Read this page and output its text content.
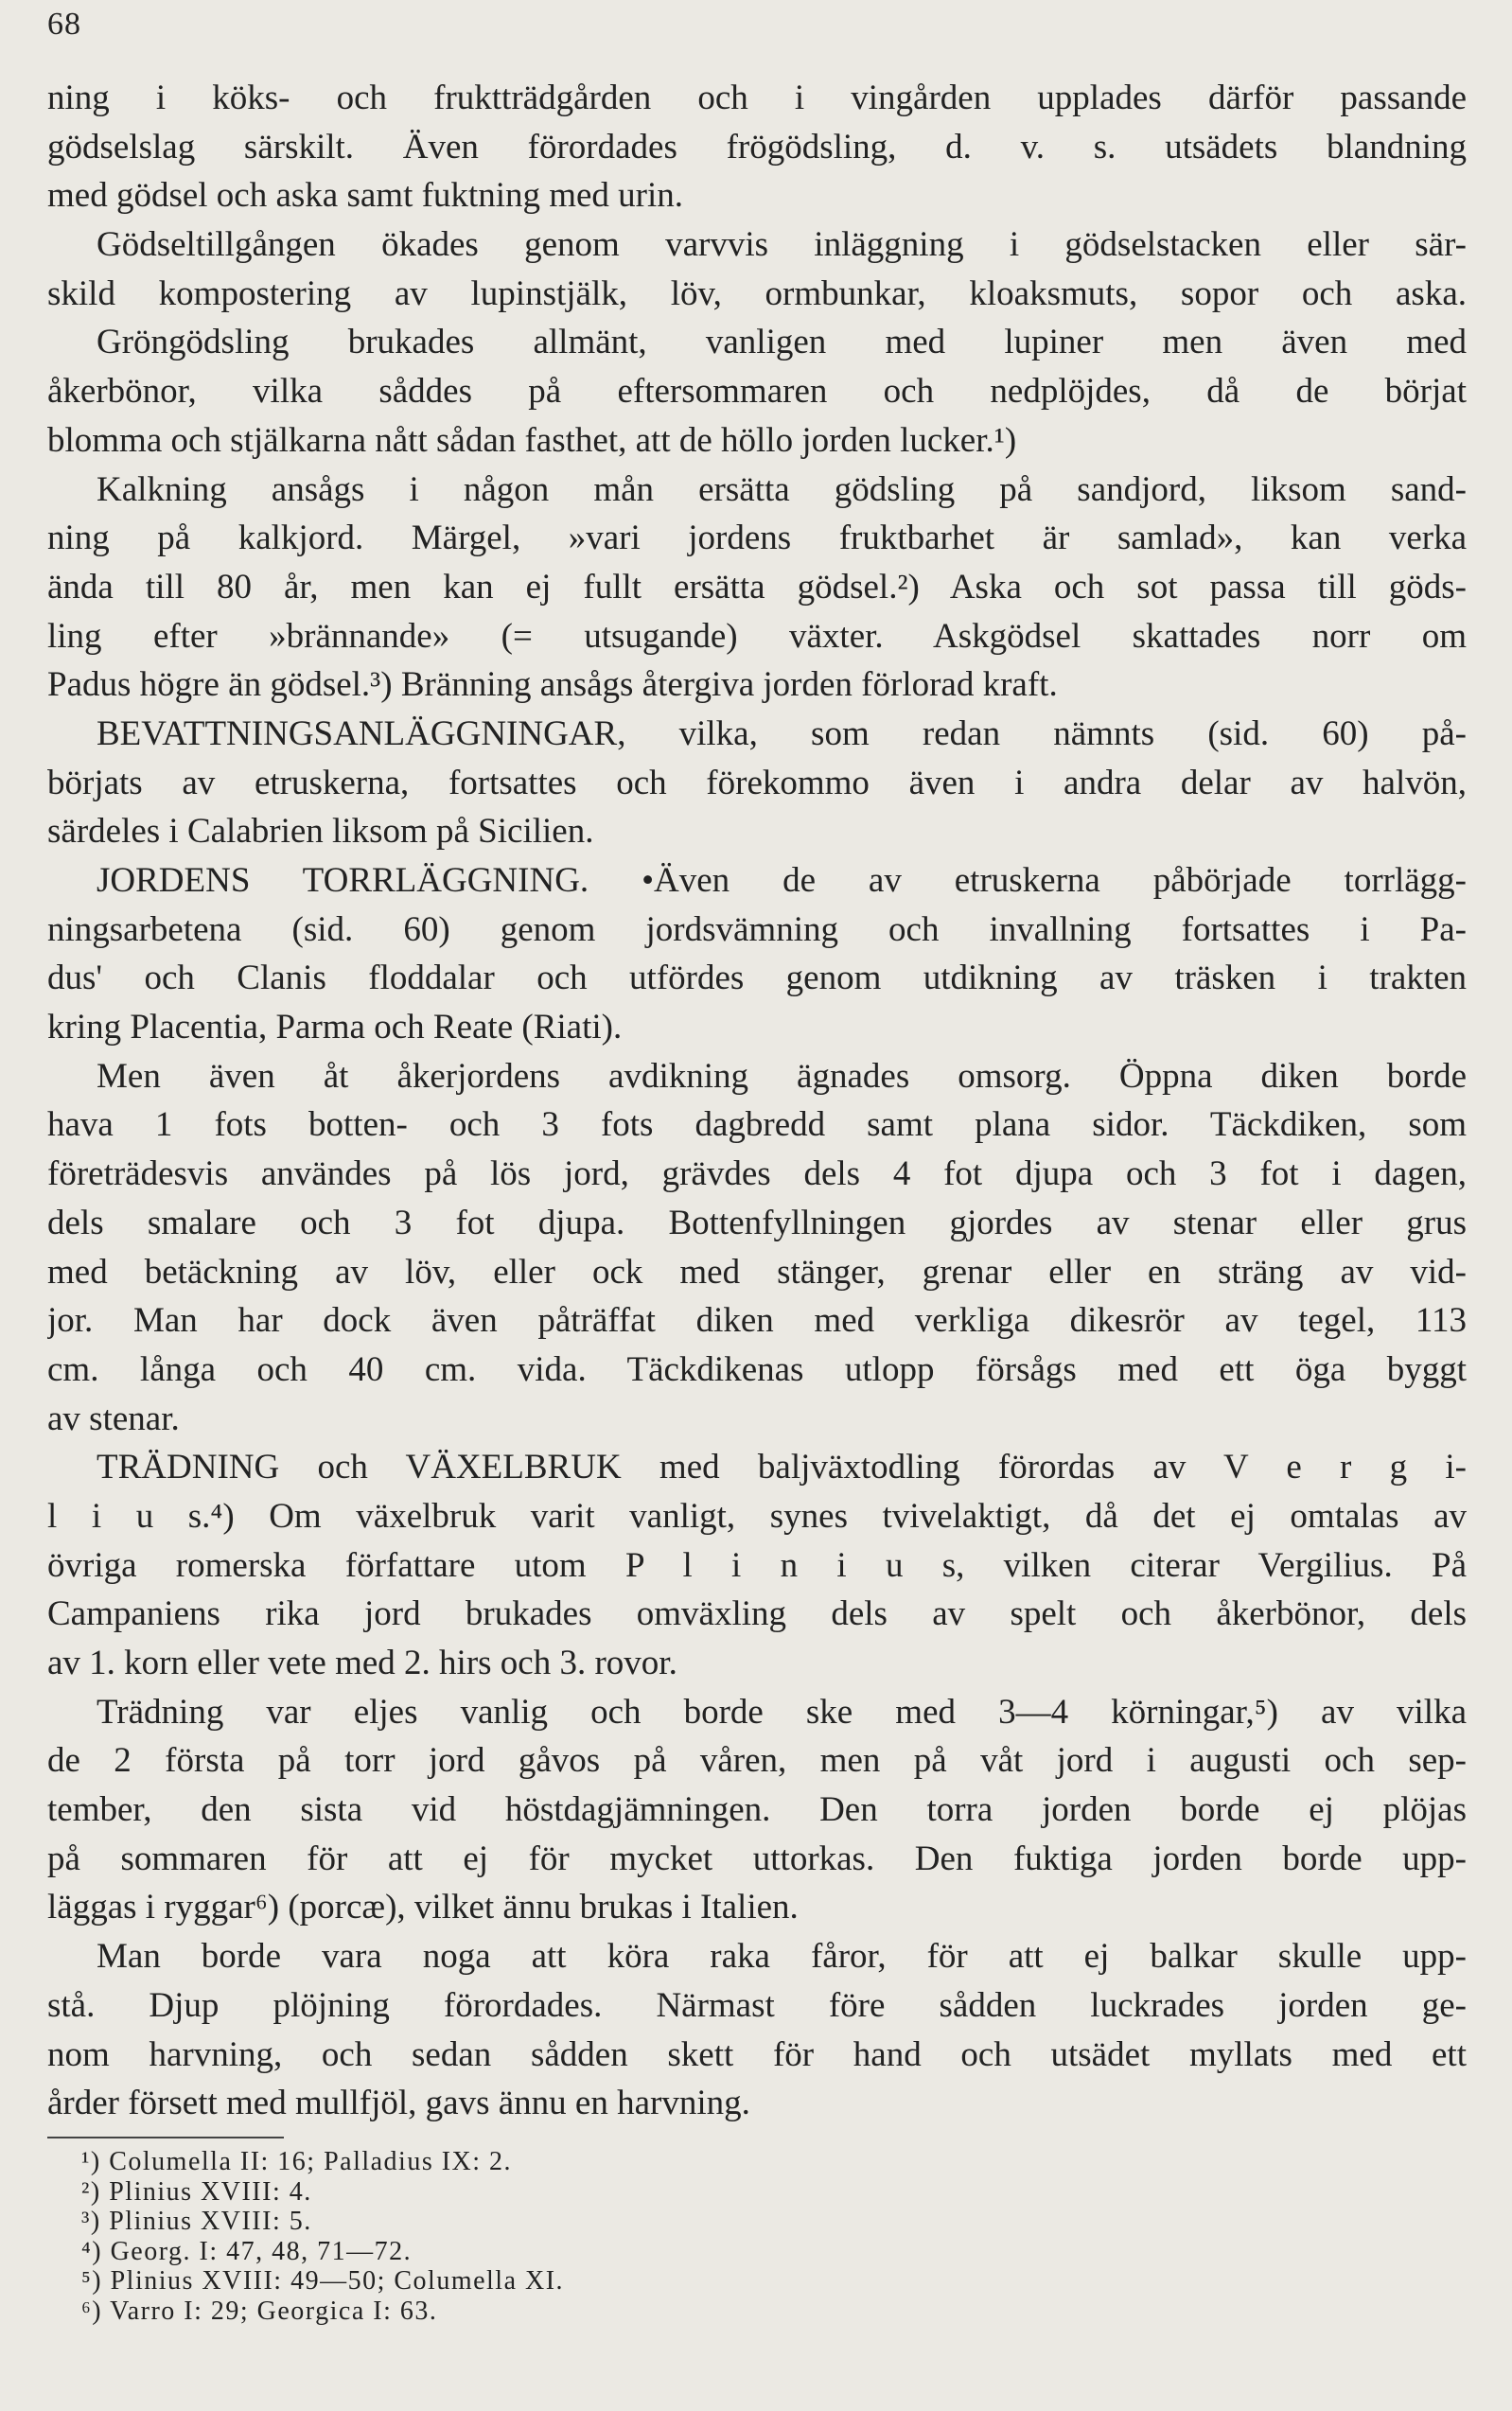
68
ning i köks- och fruktträdgården och i vingården upplades därför passande
gödselslag särskilt. Även förordades frögödsling, d. v. s. utsädets blandning
med gödsel och aska samt fuktning med urin.
Gödseltillgången ökades genom varvvis inläggning i gödselstacken eller sär-
skild kompostering av lupinstjälk, löv, ormbunkar, kloaksmuts, sopor och aska.
Gröngödsling brukades allmänt, vanligen med lupiner men även med
åkerbönor, vilka såddes på eftersommaren och nedplöjdes, då de börjat
blomma och stjälkarna nått sådan fasthet, att de höllo jorden lucker.¹)
Kalkning ansågs i någon mån ersätta gödsling på sandjord, liksom sand-
ning på kalkjord. Märgel, »vari jordens fruktbarhet är samlad», kan verka
ända till 80 år, men kan ej fullt ersätta gödsel.²) Aska och sot passa till göds-
ling efter »brännande» (= utsugande) växter. Askgödsel skattades norr om
Padus högre än gödsel.³) Bränning ansågs återgiva jorden förlorad kraft.
BEVATTNINGSANLÄGGNINGAR, vilka, som redan nämnts (sid. 60) på-
börjats av etruskerna, fortsattes och förekommo även i andra delar av halvön,
särdeles i Calabrien liksom på Sicilien.
JORDENS TORRLÄGGNING. •Även de av etruskerna påbörjade torrlägg-
ningsarbetena (sid. 60) genom jordsvämning och invallning fortsattes i Pa-
dus' och Clanis floddalar och utfördes genom utdikning av träsken i trakten
kring Placentia, Parma och Reate (Riati).
Men även åt åkerjordens avdikning ägnades omsorg. Öppna diken borde
hava 1 fots botten- och 3 fots dagbredd samt plana sidor. Täckdiken, som
företrädesvis användes på lös jord, grävdes dels 4 fot djupa och 3 fot i dagen,
dels smalare och 3 fot djupa. Bottenfyllningen gjordes av stenar eller grus
med betäckning av löv, eller ock med stänger, grenar eller en sträng av vid-
jor. Man har dock även påträffat diken med verkliga dikesrör av tegel, 113
cm. långa och 40 cm. vida. Täckdikenas utlopp försågs med ett öga byggt
av stenar.
TRÄDNING och VÄXELBRUK med baljväxtodling förordas av V e r g i-
l i u s.⁴) Om växelbruk varit vanligt, synes tvivelaktigt, då det ej omtalas av
övriga romerska författare utom P l i n i u s, vilken citerar Vergilius. På
Campaniens rika jord brukades omväxling dels av spelt och åkerbönor, dels
av 1. korn eller vete med 2. hirs och 3. rovor.
Trädning var eljes vanlig och borde ske med 3—4 körningar,⁵) av vilka
de 2 första på torr jord gåvos på våren, men på våt jord i augusti och sep-
tember, den sista vid höstdagjämningen. Den torra jorden borde ej plöjas
på sommaren för att ej för mycket uttorkas. Den fuktiga jorden borde upp-
läggas i ryggar⁶) (porcæ), vilket ännu brukas i Italien.
Man borde vara noga att köra raka fåror, för att ej balkar skulle upp-
stå. Djup plöjning förordades. Närmast före sådden luckrades jorden ge-
nom harvning, och sedan sådden skett för hand och utsädet myllats med ett
årder försett med mullfjöl, gavs ännu en harvning.
¹) Columella II: 16; Palladius IX: 2.
²) Plinius XVIII: 4.
³) Plinius XVIII: 5.
⁴) Georg. I: 47, 48, 71—72.
⁵) Plinius XVIII: 49—50; Columella XI.
⁶) Varro I: 29; Georgica I: 63.
